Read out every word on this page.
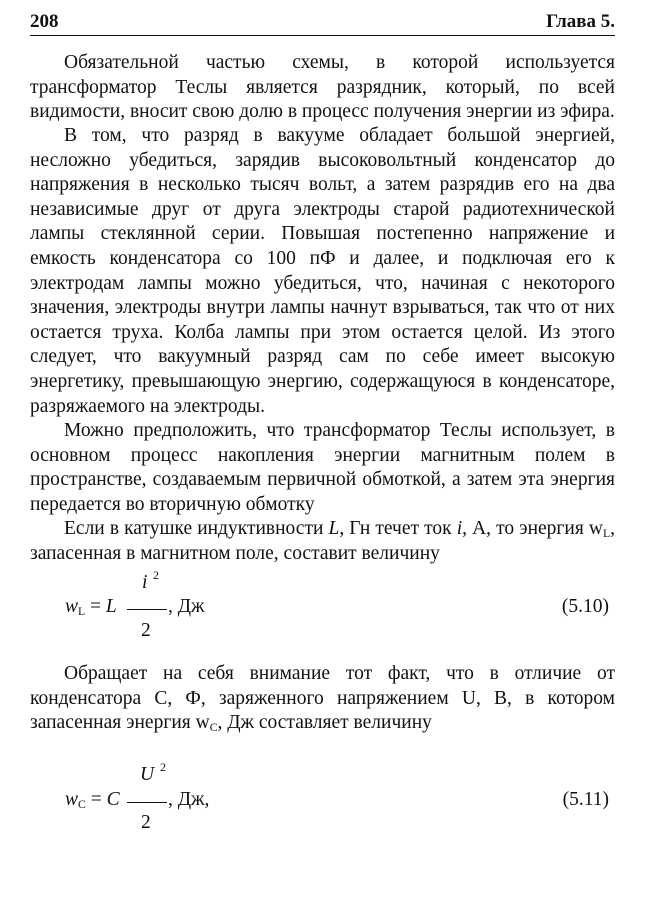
208	Глава 5.

Обязательной частью схемы, в которой используется трансформатор Теслы является разрядник, который, по всей видимости, вносит свою долю в процесс получения энергии из эфира.

В том, что разряд в вакууме обладает большой энергией, несложно убедиться, зарядив высоковольтный конденсатор до напряжения в несколько тысяч вольт, а затем разрядив его на два независимые друг от друга электроды старой радиотехнической лампы стеклянной серии. Повышая постепенно напряжение и емкость конденсатора со 100 пФ и далее, и подключая его к электродам лампы можно убедиться, что, начиная с некоторого значения, электроды внутри лампы начнут взрываться, так что от них остается труха. Колба лампы при этом остается целой. Из этого следует, что вакуумный разряд сам по себе имеет высокую энергетику, превышающую энергию, содержащуюся в конденсаторе, разряжаемого на электроды.

Можно предположить, что трансформатор Теслы использует, в основном процесс накопления энергии магнитным полем в пространстве, создаваемым первичной обмоткой, а затем эта энергия передается во вторичную обмотку

Если в катушке индуктивности L, Гн течет ток i, А, то энергия $w_L$, запасенная в магнитном поле, составит величину

i 2
$w_L = L$	, Дж
2
(5.10)

Обращает на себя внимание тот факт, что в отличие от конденсатора С, Ф, заряженного напряжением U, В, в котором запасенная энергия $w_C$, Дж составляет величину

U 2
$w_C = C$ , Дж,
2
(5.11)
